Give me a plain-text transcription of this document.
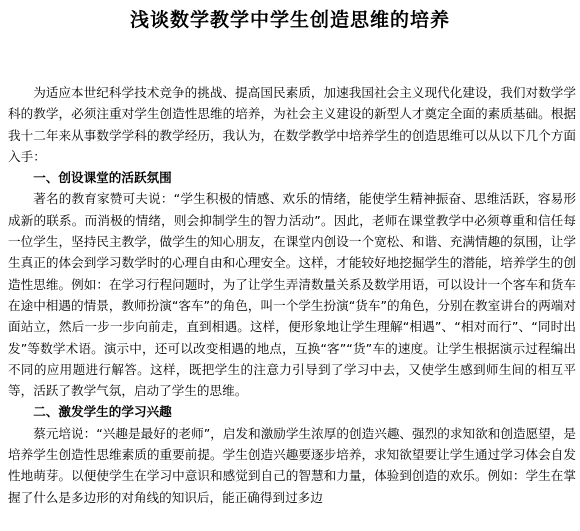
浅谈数学教学中学生创造思维的培养

为适应本世纪科学技术竞争的挑战、提高国民素质，加速我国社会主义现代化建设，我们对数学学科的教学，必须注重对学生创造性思维的培养，为社会主义建设的新型人才奠定全面的素质基础。根据我十二年来从事数学学科的教学经历，我认为，在数学教学中培养学生的创造思维可以从以下几个方面入手：

一、创设课堂的活跃氛围

著名的教育家赞可夫说：“学生积极的情感、欢乐的情绪，能使学生精神振奋、思维活跃，容易形成新的联系。而消极的情绪，则会抑制学生的智力活动”。因此，老师在课堂教学中必须尊重和信任每一位学生，坚持民主教学，做学生的知心朋友，在课堂内创设一个宽松、和谐、充满情趣的氛围，让学生真正的体会到学习数学时的心理自由和心理安全。这样，才能较好地挖掘学生的潜能，培养学生的创造性思维。例如：在学习行程问题时，为了让学生弄清数量关系及数学用语，可以设计一个客车和货车在途中相遇的情景，教师扮演“客车”的角色，叫一个学生扮演“货车”的角色，分别在教室讲台的两端对面站立，然后一步一步向前走，直到相遇。这样，便形象地让学生理解“相遇”、“相对而行”、“同时出发”等数学术语。演示中，还可以改变相遇的地点，互换“客”“货”车的速度。让学生根据演示过程编出不同的应用题进行解答。这样，既把学生的注意力引导到了学习中去，又使学生感到师生间的相互平等，活跃了教学气氛，启动了学生的思维。

二、激发学生的学习兴趣

蔡元培说：“兴趣是最好的老师”，启发和激励学生浓厚的创造兴趣、强烈的求知欲和创造愿望，是培养学生创造性思维素质的重要前提。学生创造兴趣要逐步培养，求知欲望要让学生通过学习体会自发性地萌芽。以便使学生在学习中意识和感觉到自己的智慧和力量，体验到创造的欢乐。例如：学生在掌握了什么是多边形的对角线的知识后，能正确得到过多边
